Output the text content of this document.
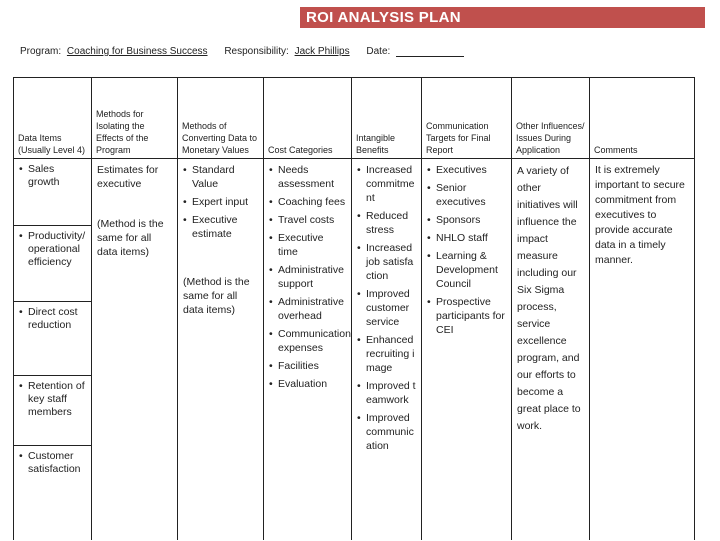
ROI ANALYSIS PLAN
Program: Coaching for Business Success Responsibility: Jack Phillips Date:
Data Items (Usually Level 4)
• Sales growth
• Productivity/ operational efficiency
• Direct cost reduction
• Retention of key staff members
• Customer satisfaction
Methods for Isolating the Effects of the Program

Estimates for executive

(Method is the same for all data items)

Methods of Converting Data to Monetary Values
• Standard Value
• Expert input
• Executive estimate

(Method is the same for all data items)

Cost Categories
• Needs assessment
• Coaching fees
• Travel costs
• Executive time
• Administrative support
• Administrative overhead
• Communication expenses
• Facilities
• Evaluation
Intangible Benefits
• Increased commitment
• Reduced stress
• Increased job satisfaction
• Improved customer service
• Enhanced recruiting image
• Improved teamwork
• Improved communication
Communication Targets for Final Report
• Executives
• Senior executives
• Sponsors
• NHLO staff
• Learning & Development Council
• Prospective participants for CEI
Other Influences/ Issues During Application

A variety of other initiatives will influence the impact measure including our Six Sigma process, service excellence program, and our efforts to become a great place to work.

Comments

It is extremely important to secure commitment from executives to provide accurate data in a timely manner.
